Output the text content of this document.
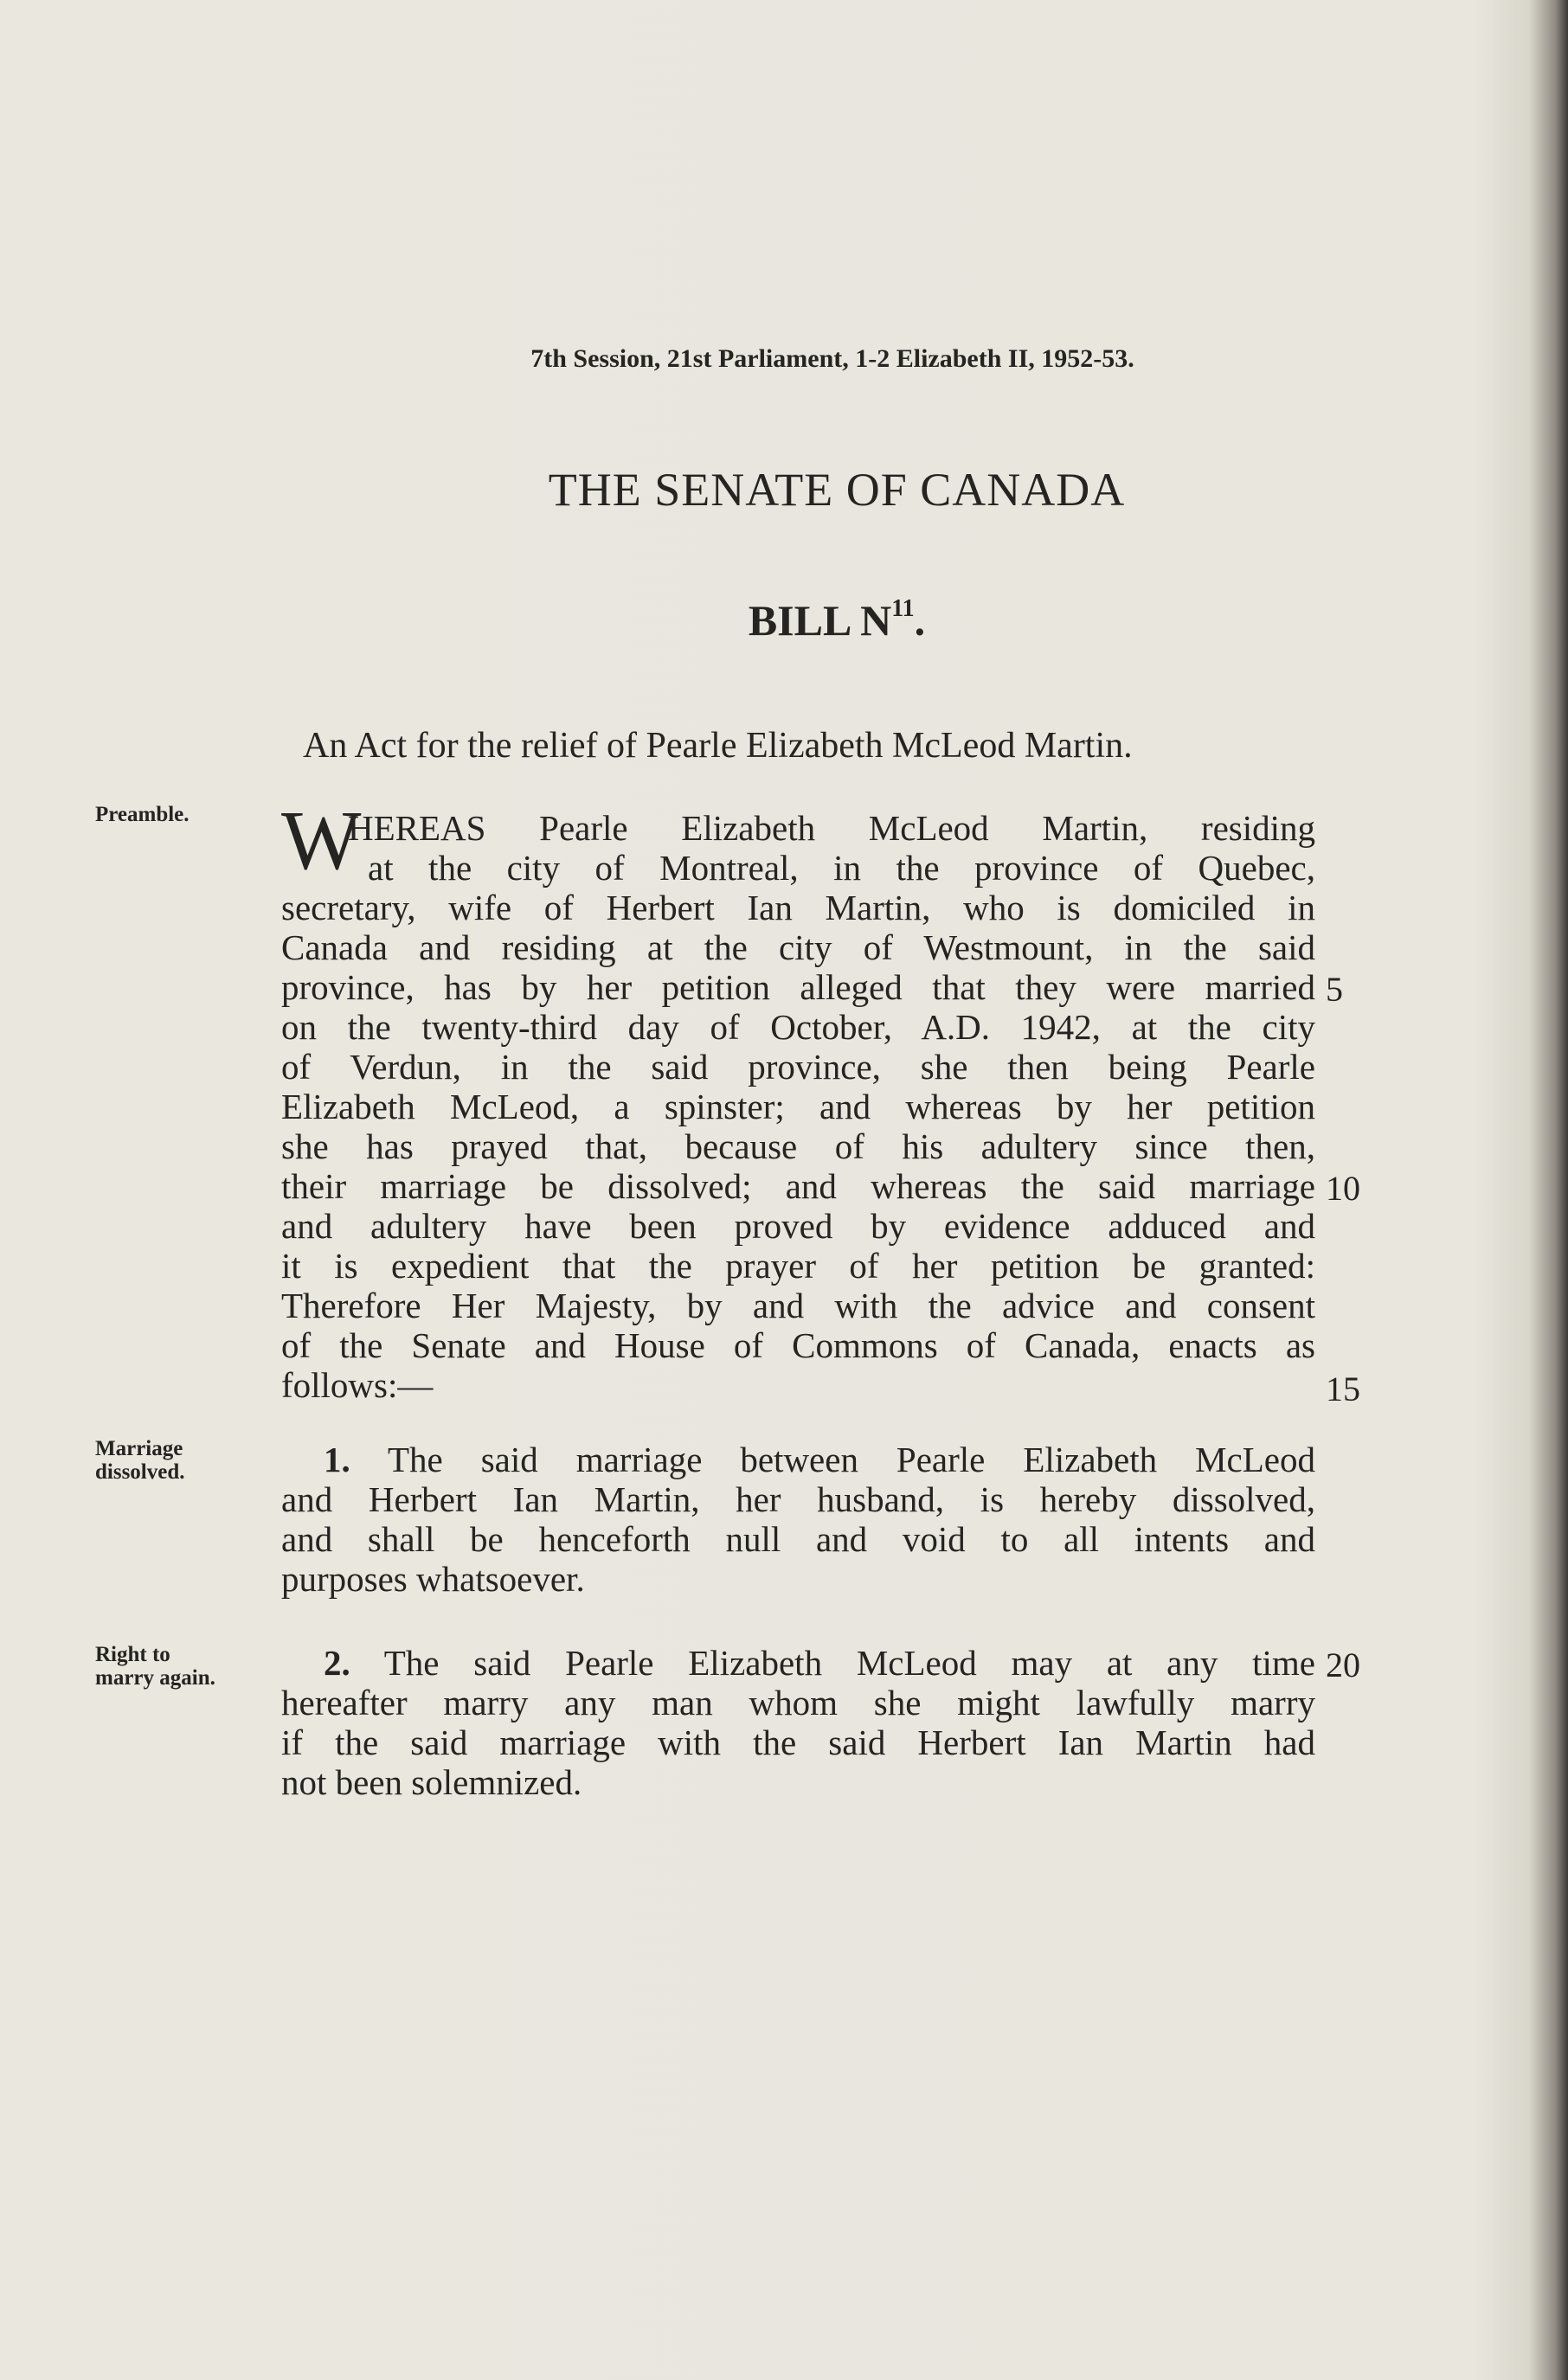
7th Session, 21st Parliament, 1-2 Elizabeth II, 1952-53.
THE SENATE OF CANADA
BILL $N^{11}$.
An Act for the relief of Pearle Elizabeth McLeod Martin.
Preamble.
Marriage
dissolved.
Right to
marry again.
W
HEREAS Pearle Elizabeth McLeod Martin, residing
at the city of Montreal, in the province of Quebec,
secretary, wife of Herbert Ian Martin, who is domiciled in
Canada and residing at the city of Westmount, in the said
province, has by her petition alleged that they were married
on the twenty-third day of October, A.D. 1942, at the city
of Verdun, in the said province, she then being Pearle
Elizabeth McLeod, a spinster; and whereas by her petition
she has prayed that, because of his adultery since then,
their marriage be dissolved; and whereas the said marriage
and adultery have been proved by evidence adduced and
it is expedient that the prayer of her petition be granted:
Therefore Her Majesty, by and with the advice and consent
of the Senate and House of Commons of Canada, enacts as
follows:—
1. The said marriage between Pearle Elizabeth McLeod
and Herbert Ian Martin, her husband, is hereby dissolved,
and shall be henceforth null and void to all intents and
purposes whatsoever.
2. The said Pearle Elizabeth McLeod may at any time
hereafter marry any man whom she might lawfully marry
if the said marriage with the said Herbert Ian Martin had
not been solemnized.
5
10
15
20
